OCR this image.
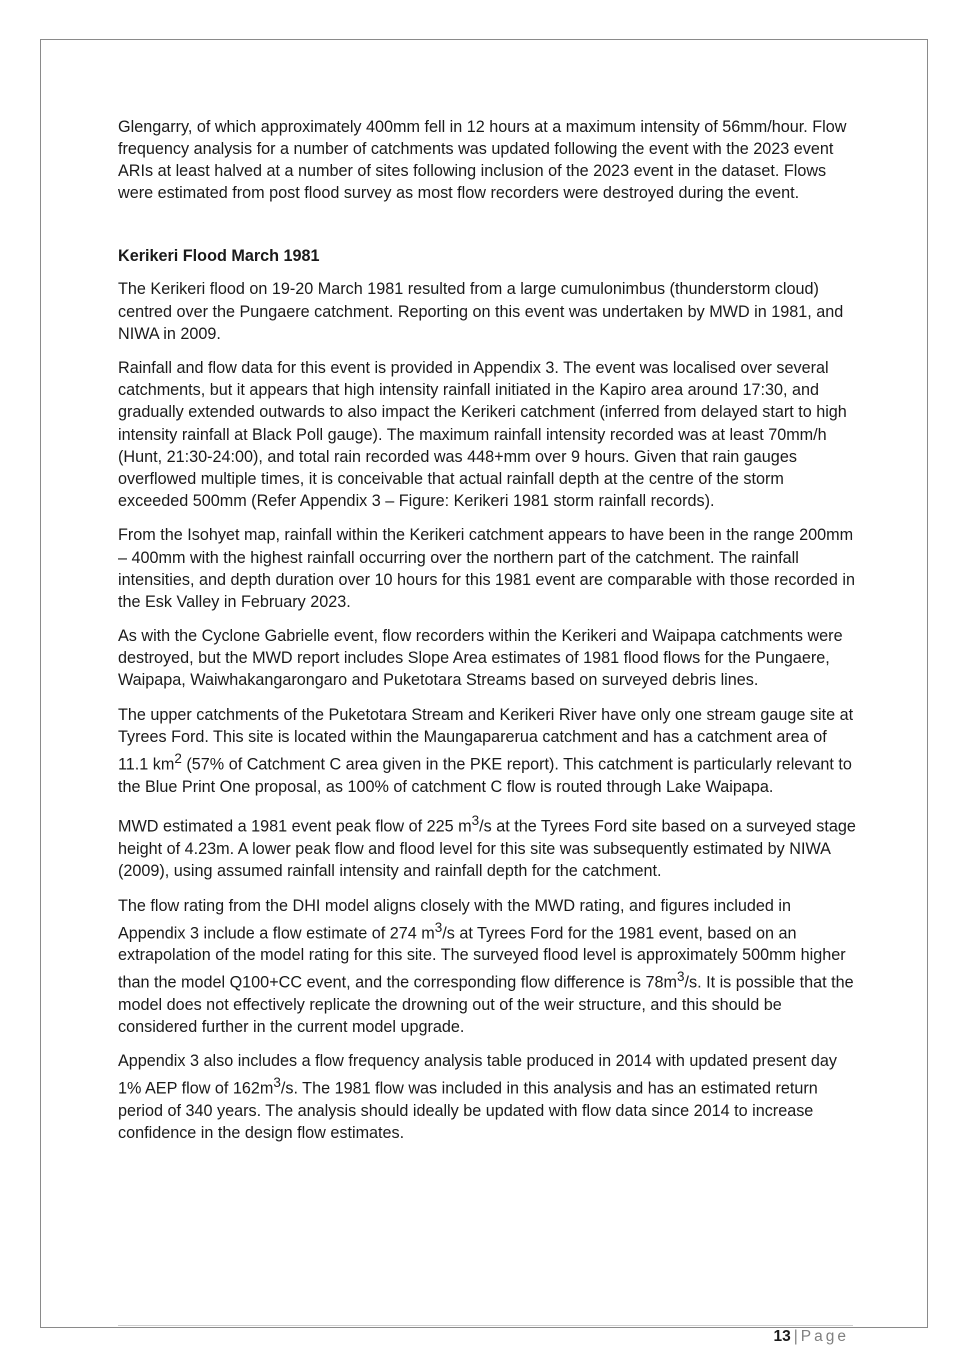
Glengarry, of which approximately 400mm fell in 12 hours at a maximum intensity of 56mm/hour. Flow frequency analysis for a number of catchments was updated following the event with the 2023 event ARIs at least halved at a number of sites following inclusion of the 2023 event in the dataset. Flows were estimated from post flood survey as most flow recorders were destroyed during the event.

Kerikeri Flood March 1981

The Kerikeri flood on 19-20 March 1981 resulted from a large cumulonimbus (thunderstorm cloud) centred over the Pungaere catchment. Reporting on this event was undertaken by MWD in 1981, and NIWA in 2009.

Rainfall and flow data for this event is provided in Appendix 3. The event was localised over several catchments, but it appears that high intensity rainfall initiated in the Kapiro area around 17:30, and gradually extended outwards to also impact the Kerikeri catchment (inferred from delayed start to high intensity rainfall at Black Poll gauge). The maximum rainfall intensity recorded was at least 70mm/h (Hunt, 21:30-24:00), and total rain recorded was 448+mm over 9 hours. Given that rain gauges overflowed multiple times, it is conceivable that actual rainfall depth at the centre of the storm exceeded 500mm (Refer Appendix 3 – Figure: Kerikeri 1981 storm rainfall records).

From the Isohyet map, rainfall within the Kerikeri catchment appears to have been in the range 200mm – 400mm with the highest rainfall occurring over the northern part of the catchment. The rainfall intensities, and depth duration over 10 hours for this 1981 event are comparable with those recorded in the Esk Valley in February 2023.

As with the Cyclone Gabrielle event, flow recorders within the Kerikeri and Waipapa catchments were destroyed, but the MWD report includes Slope Area estimates of 1981 flood flows for the Pungaere, Waipapa, Waiwhakangarongaro and Puketotara Streams based on surveyed debris lines.

The upper catchments of the Puketotara Stream and Kerikeri River have only one stream gauge site at Tyrees Ford. This site is located within the Maungaparerua catchment and has a catchment area of 11.1 $km^2$ (57% of Catchment C area given in the PKE report). This catchment is particularly relevant to the Blue Print One proposal, as 100% of catchment C flow is routed through Lake Waipapa.

MWD estimated a 1981 event peak flow of 225 $m^3/s$ at the Tyrees Ford site based on a surveyed stage height of 4.23m. A lower peak flow and flood level for this site was subsequently estimated by NIWA (2009), using assumed rainfall intensity and rainfall depth for the catchment.

The flow rating from the DHI model aligns closely with the MWD rating, and figures included in Appendix 3 include a flow estimate of 274 $m^3/s$ at Tyrees Ford for the 1981 event, based on an extrapolation of the model rating for this site. The surveyed flood level is approximately 500mm higher than the model Q100+CC event, and the corresponding flow difference is $78m^3/s$. It is possible that the model does not effectively replicate the drowning out of the weir structure, and this should be considered further in the current model upgrade.

Appendix 3 also includes a flow frequency analysis table produced in 2014 with updated present day 1% AEP flow of $162m^3/s$. The 1981 flow was included in this analysis and has an estimated return period of 340 years. The analysis should ideally be updated with flow data since 2014 to increase confidence in the design flow estimates.

13 | Page
